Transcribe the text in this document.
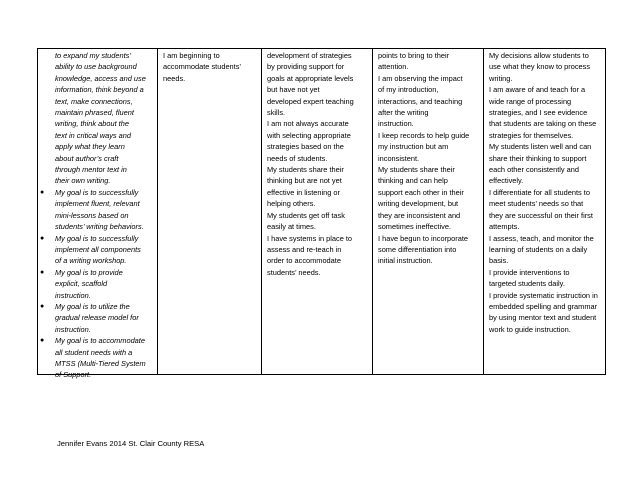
to expand my students’
ability to use background
knowledge, access and use
information, think beyond a
text, make connections,
maintain phrased, fluent
writing, think about the
text in critical ways and
apply what they learn
about author’s craft
through mentor text in
their own writing.
● My goal is to successfully
implement fluent, relevant
mini-lessons based on
students’ writing behaviors.
● My goal is to successfully
implement all components
of a writing workshop.
● My goal is to provide
explicit, scaffold
instruction.
● My goal is to utilize the
gradual release model for
instruction.
● My goal is to accommodate
all student needs with a
MTSS (Multi-Tiered System
of Support.
I am beginning to
accommodate students’
needs.
development of strategies
by providing support for
goals at appropriate levels
but have not yet
developed expert teaching
skills.
I am not always accurate
with selecting appropriate
strategies based on the
needs of students.
My students share their
thinking but are not yet
effective in listening or
helping others.
My students get off task
easily at times.
I have systems in place to
assess and re-teach in
order to accommodate
students’ needs.
points to bring to their
attention.
I am observing the impact
of my introduction,
interactions, and teaching
after the writing
instruction.
I keep records to help guide
my instruction but am
inconsistent.
My students share their
thinking and can help
support each other in their
writing development, but
they are inconsistent and
sometimes ineffective.
I have begun to incorporate
some differentiation into
initial instruction.
My decisions allow students to
use what they know to process
writing.
I am aware of and teach for a
wide range of processing
strategies, and I see evidence
that students are taking on these
strategies for themselves.
My students listen well and can
share their thinking to support
each other consistently and
effectively.
I differentiate for all students to
meet students’ needs so that
they are successful on their first
attempts.
I assess, teach, and monitor the
learning of students on a daily
basis.
I provide interventions to
targeted students daily.
I provide systematic instruction in
embedded spelling and grammar
by using mentor text and student
work to guide instruction.
Jennifer Evans 2014 St. Clair County RESA
